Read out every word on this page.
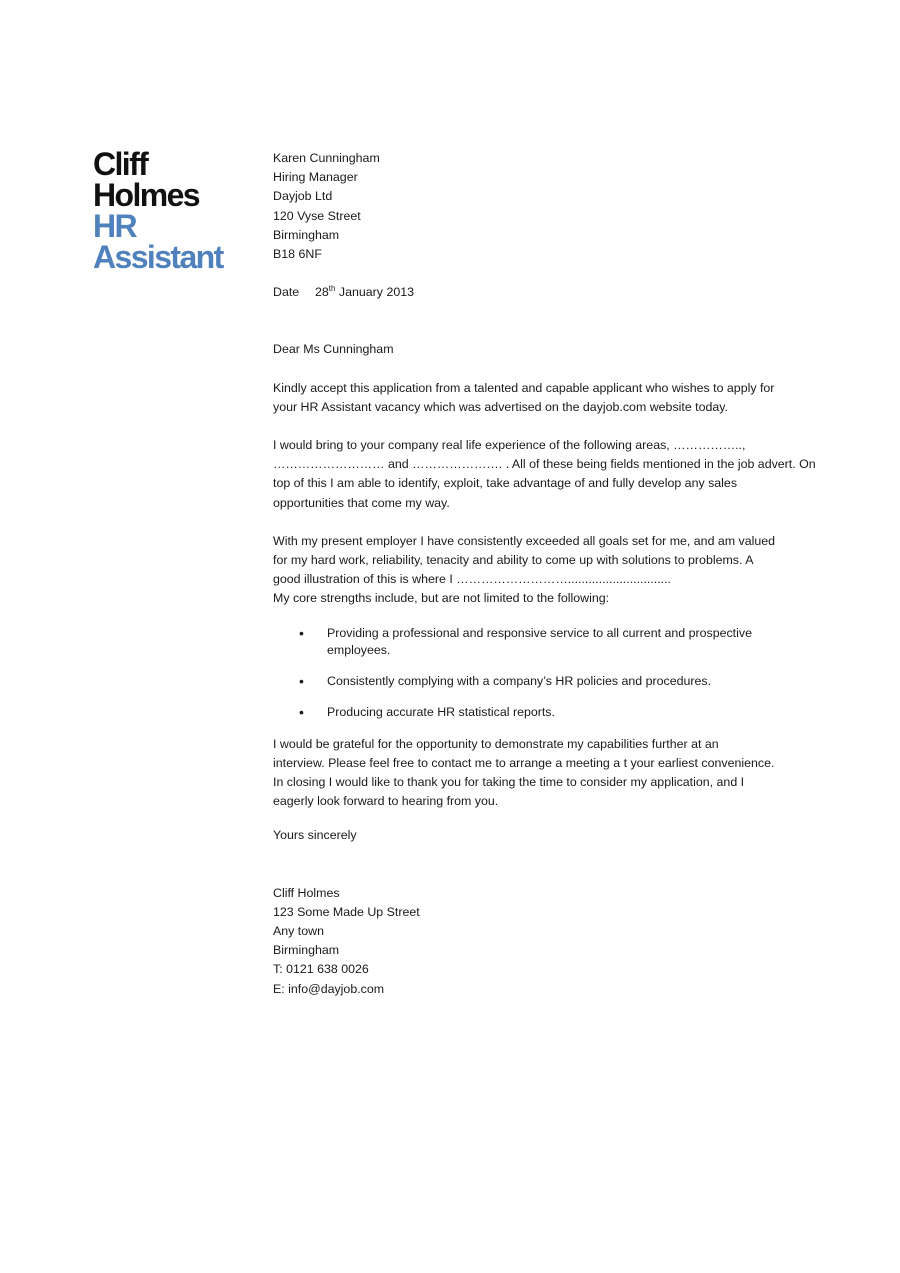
Cliff
Holmes
HR
Assistant
Karen Cunningham
Hiring Manager
Dayjob Ltd
120 Vyse Street
Birmingham
B18 6NF
Date 28th January 2013
Dear Ms Cunningham
Kindly accept this application from a talented and capable applicant who wishes to apply for
your HR Assistant vacancy which was advertised on the dayjob.com website today.
I would bring to your company real life experience of the following areas, ……………..,
……………………… and …………………. . All of these being fields mentioned in the job advert. On
top of this I am able to identify, exploit, take advantage of and fully develop any sales
opportunities that come my way.
With my present employer I have consistently exceeded all goals set for me, and am valued
for my hard work, reliability, tenacity and ability to come up with solutions to problems. A
good illustration of this is where I ………………………..............................
My core strengths include, but are not limited to the following:
• Providing a professional and responsive service to all current and prospective employees.
• Consistently complying with a company’s HR policies and procedures.
• Producing accurate HR statistical reports.
I would be grateful for the opportunity to demonstrate my capabilities further at an
interview. Please feel free to contact me to arrange a meeting a t your earliest convenience.
In closing I would like to thank you for taking the time to consider my application, and I
eagerly look forward to hearing from you.
Yours sincerely
Cliff Holmes
123 Some Made Up Street
Any town
Birmingham
T: 0121 638 0026
E: info@dayjob.com
